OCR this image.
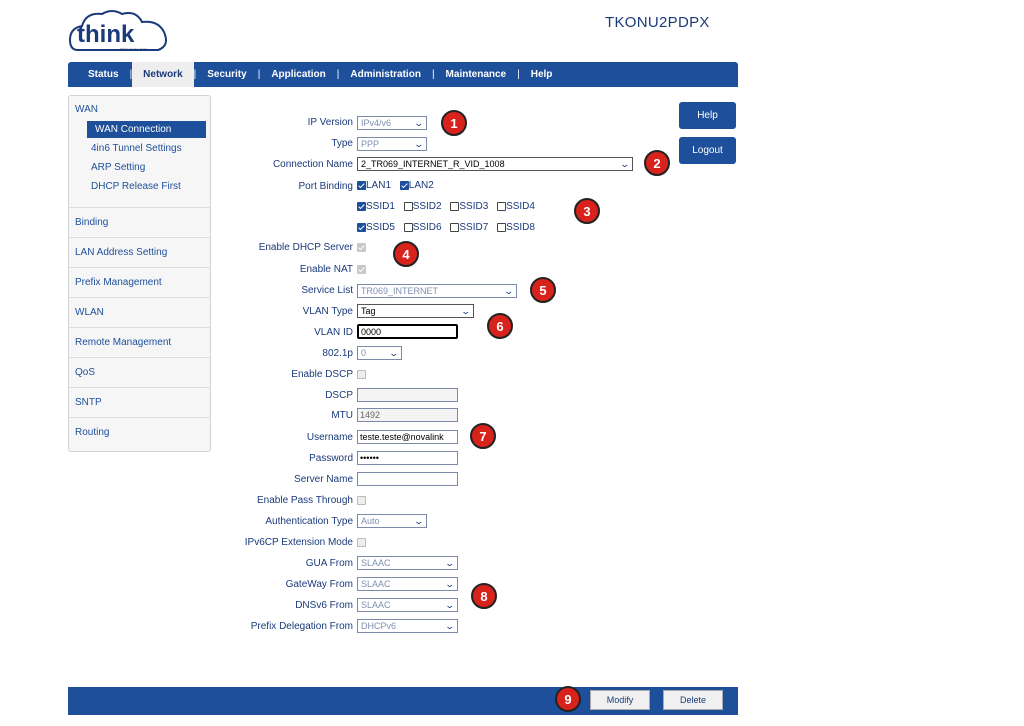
think
TECHNOLOGY
TKONU2PDPX
Status	|	Network	|	Security	|	Application	|	Administration	|	Maintenance	|	Help
WAN
WAN Connection
4in6 Tunnel Settings
ARP Setting
DHCP Release First
Binding
LAN Address Setting
Prefix Management
WLAN
Remote Management
QoS
SNTP
Routing
Help
Logout
IP Version IPv4/v6	⌄
Type PPP	⌄
Connection Name 2_TR069_INTERNET_R_VID_1008	⌄
Port Binding	LAN1 LAN2
SSID1 SSID2 SSID3 SSID4
SSID5 SSID6 SSID7 SSID8
Enable DHCP Server
Enable NAT
Service List TR069_INTERNET	⌄
VLAN Type Tag	⌄
VLAN ID 0000
802.1p 0	⌄
Enable DSCP
DSCP
MTU 1492
Username teste.teste@novalink
Password ••••••
Server Name
Enable Pass Through
Authentication Type Auto	⌄
IPv6CP Extension Mode
GUA From SLAAC	⌄
GateWay From SLAAC	⌄
DNSv6 From SLAAC	⌄
Prefix Delegation From DHCPv6	⌄
Modify	Delete
1
2
3
4
5
6
7
8
9
